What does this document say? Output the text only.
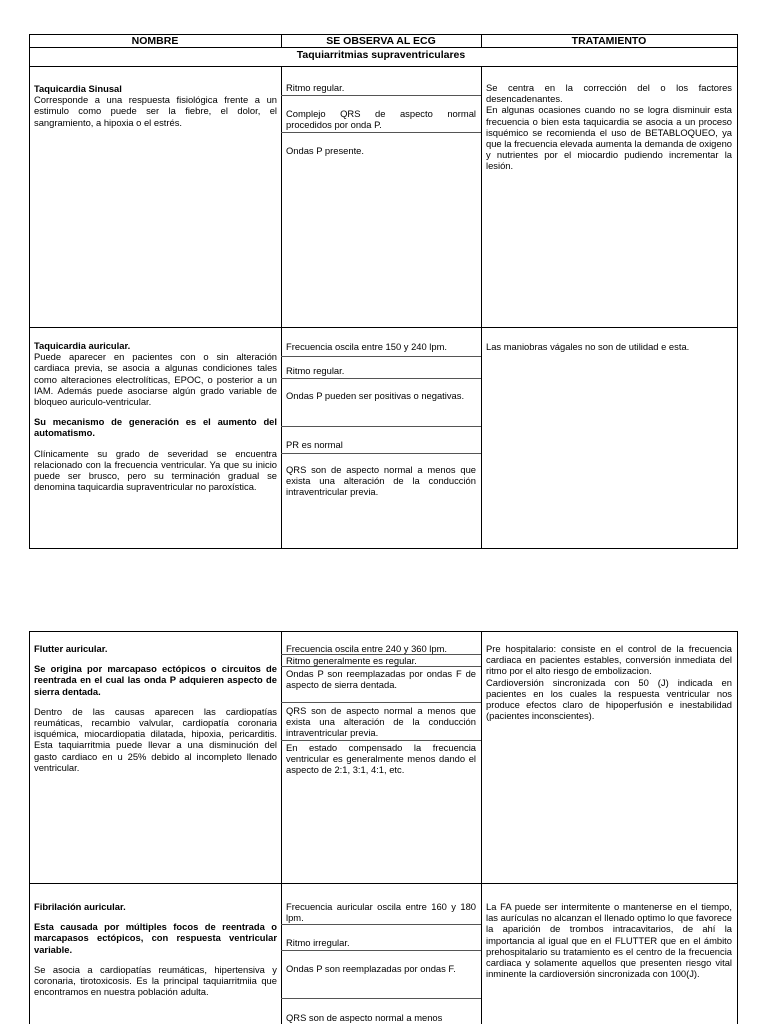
NOMBRE	SE OBSERVA AL ECG	TRATAMIENTO
Taquiarritmias supraventriculares

Taquicardia Sinusal

Corresponde a una respuesta fisiológica frente a un estimulo como puede ser la fiebre, el dolor, el sangramiento, a hipoxia o el estrés.

Ritmo regular.
Complejo QRS de aspecto normal procedidos por onda P.
Ondas P presente.
Se centra en la corrección del o los factores desencadenantes.
En algunas ocasiones cuando no se logra disminuir esta frecuencia o bien esta taquicardia se asocia a un proceso isquémico se recomienda el uso de BETABLOQUEO, ya que la frecuencia elevada aumenta la demanda de oxigeno y nutrientes por el miocardio pudiendo incrementar la lesión.

Taquicardia auricular.

Puede aparecer en pacientes con o sin alteración cardiaca previa, se asocia a algunas condiciones tales como alteraciones electrolíticas, EPOC, o posterior a un IAM. Además puede asociarse algún grado variable de bloqueo auriculo-ventricular.

Su mecanismo de generación es el aumento del automatismo.

Clínicamente su grado de severidad se encuentra relacionado con la frecuencia ventricular. Ya que su inicio puede ser brusco, pero su terminación gradual se denomina taquicardia supraventricular no paroxística.

Frecuencia oscila entre 150 y 240 lpm.
Ritmo regular.
Ondas P pueden ser positivas o negativas.
PR es normal
QRS son de aspecto normal a menos que exista una alteración de la conducción intraventricular previa.
Las maniobras vágales no son de utilidad e esta.

Flutter auricular.

Se origina por marcapaso ectópicos o circuitos de reentrada en el cual las onda P adquieren aspecto de sierra dentada.

Dentro de las causas aparecen las cardiopatías reumáticas, recambio valvular, cardiopatía coronaria isquémica, miocardiopatia dilatada, hipoxia, pericarditis. Esta taquiarritmia puede llevar a una disminución del gasto cardiaco en u 25% debido al incompleto llenado ventricular.

Frecuencia oscila entre 240 y 360 lpm.
Ritmo generalmente es regular.
Ondas P son reemplazadas por ondas F de aspecto de sierra dentada.
QRS son de aspecto normal a menos que exista una alteración de la conducción intraventricular previa.
En estado compensado la frecuencia ventricular es generalmente menos dando el aspecto de 2:1, 3:1, 4:1, etc.
Pre hospitalario: consiste en el control de la frecuencia cardiaca en pacientes estables, conversión inmediata del ritmo por el alto riesgo de embolizacion.
Cardioversión sincronizada con 50 (J) indicada en pacientes en los cuales la respuesta ventricular nos produce efectos claro de hipoperfusión e inestabilidad (pacientes inconscientes).

Fibrilación auricular.

Esta causada por múltiples focos de reentrada o marcapasos ectópicos, con respuesta ventricular variable.

Se asocia a cardiopatías reumáticas, hipertensiva y coronaria, tirotoxicosis. Es la principal taquiarritmiia que encontramos en nuestra población adulta.

Frecuencia auricular oscila entre 160 y 180 lpm.
Ritmo irregular.
Ondas P son reemplazadas por ondas F.
QRS son de aspecto normal a menos
La FA puede ser intermitente o mantenerse en el tiempo, las aurículas no alcanzan el llenado optimo lo que favorece la aparición de trombos intracavitarios, de ahí la importancia al igual que en el FLUTTER que en el ámbito prehospitalario su tratamiento es el centro de la frecuencia cardiaca y solamente aquellos que presenten riesgo vital inminente la cardioversión sincronizada con 100(J).
